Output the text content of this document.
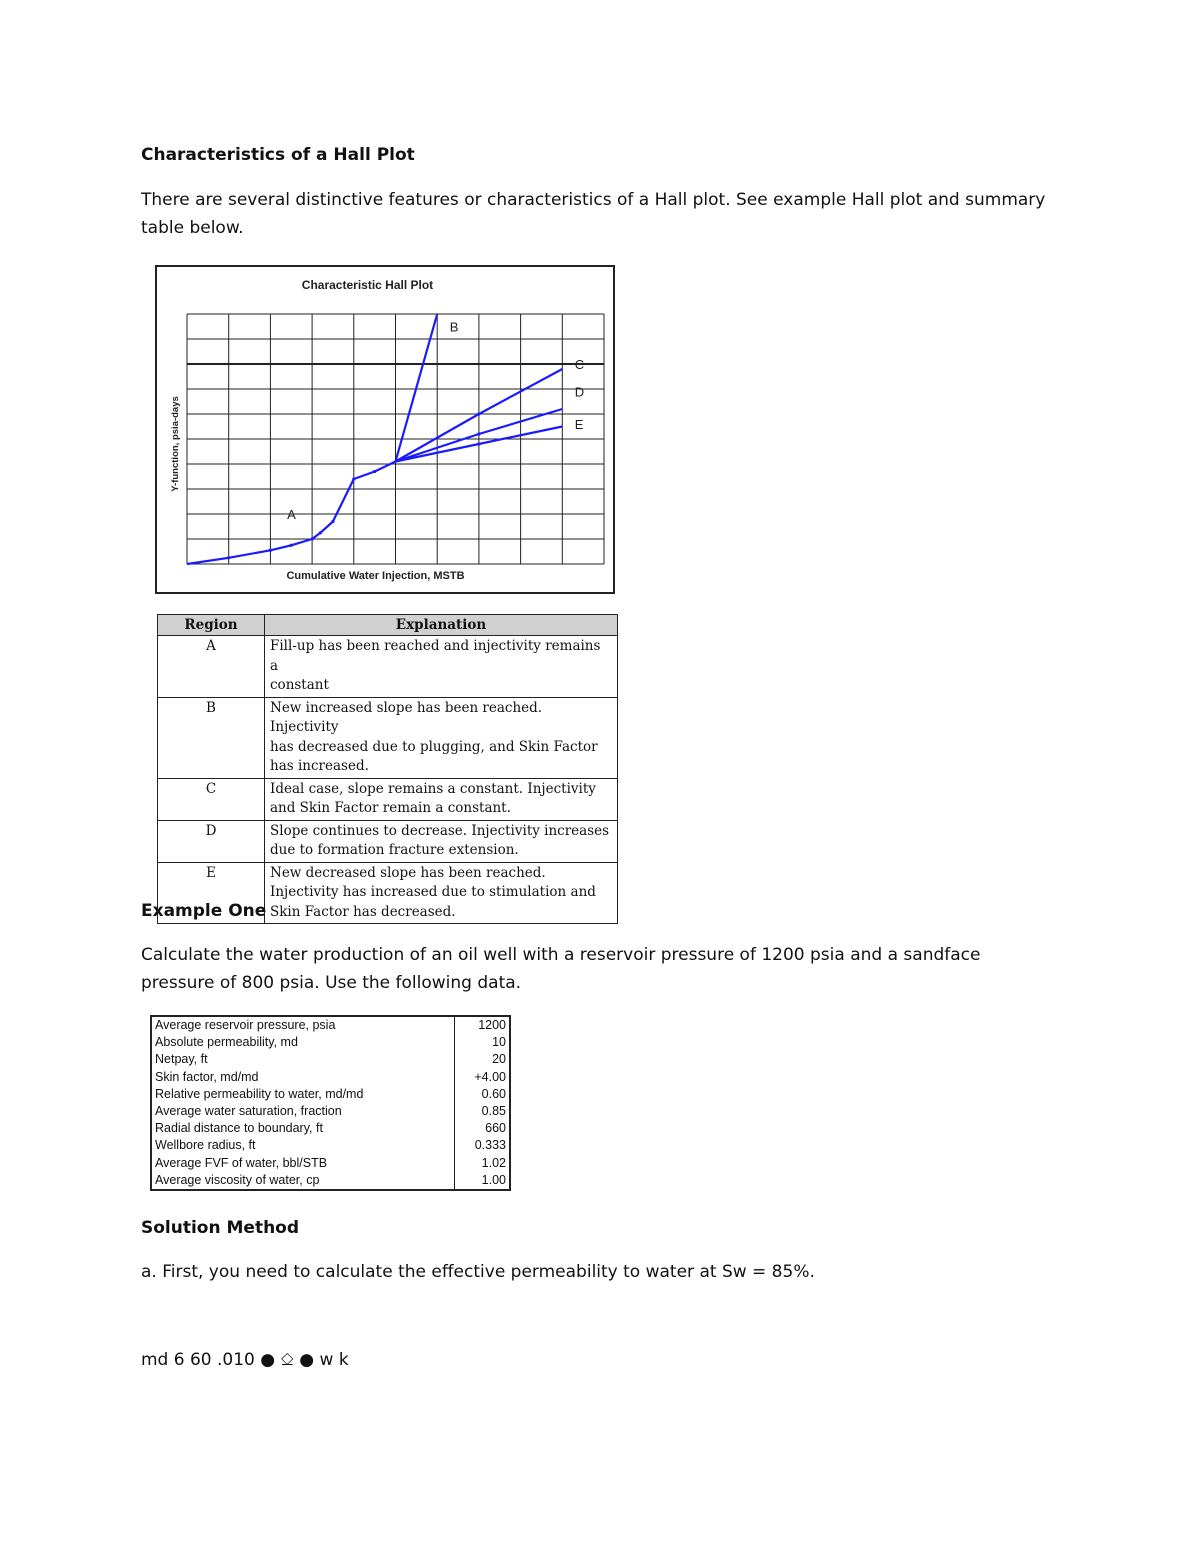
Characteristics of a Hall Plot
There are several distinctive features or characteristics of a Hall plot. See example Hall plot and summary
table below.
Characteristic Hall Plot
Cumulative Water Injection, MSTB
Y-function, psia-days
A
B
C
D
E
Region	Explanation
A	Fill-up has been reached and injectivity remains a
constant

B	New increased slope has been reached. Injectivity
has decreased due to plugging, and Skin Factor
has increased.

C	Ideal case, slope remains a constant. Injectivity
and Skin Factor remain a constant.

D	Slope continues to decrease. Injectivity increases
due to formation fracture extension.

E	New decreased slope has been reached.
Injectivity has increased due to stimulation and
Skin Factor has decreased.
Example One
Calculate the water production of an oil well with a reservoir pressure of 1200 psia and a sandface
pressure of 800 psia. Use the following data.
Average reservoir pressure, psia	1200
Absolute permeability, md	10
Netpay, ft	20
Skin factor, md/md	+4.00
Relative permeability to water, md/md	0.60
Average water saturation, fraction	0.85
Radial distance to boundary, ft	660
Wellbore radius, ft	0.333
Average FVF of water, bbl/STB	1.02
Average viscosity of water, cp	1.00
Solution Method
a. First, you need to calculate the effective permeability to water at Sw = 85%.
md 6 60 .010 ● ⎐ ● w k
